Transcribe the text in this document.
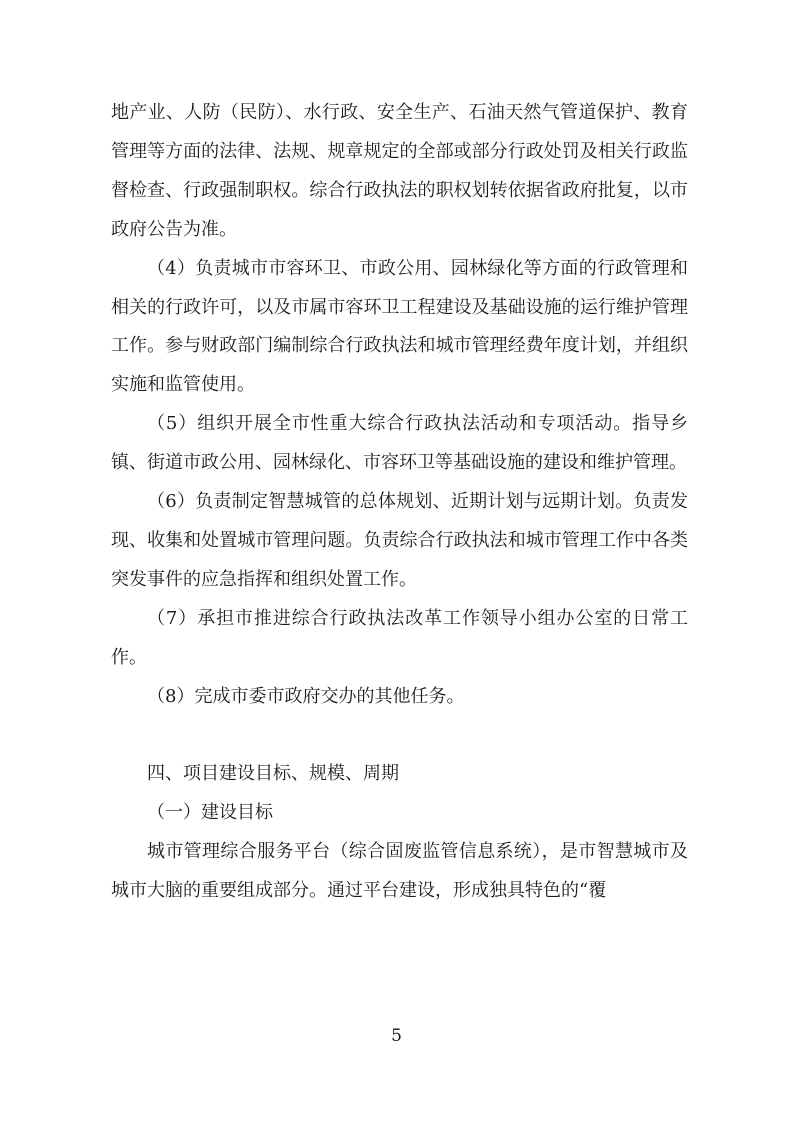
地产业、人防（民防）、水行政、安全生产、石油天然气管道保护、教育管理等方面的法律、法规、规章规定的全部或部分行政处罚及相关行政监督检查、行政强制职权。综合行政执法的职权划转依据省政府批复，以市政府公告为准。

（4）负责城市市容环卫、市政公用、园林绿化等方面的行政管理和相关的行政许可，以及市属市容环卫工程建设及基础设施的运行维护管理工作。参与财政部门编制综合行政执法和城市管理经费年度计划，并组织实施和监管使用。

（5）组织开展全市性重大综合行政执法活动和专项活动。指导乡镇、街道市政公用、园林绿化、市容环卫等基础设施的建设和维护管理。

（6）负责制定智慧城管的总体规划、近期计划与远期计划。负责发现、收集和处置城市管理问题。负责综合行政执法和城市管理工作中各类突发事件的应急指挥和组织处置工作。

（7）承担市推进综合行政执法改革工作领导小组办公室的日常工作。

（8）完成市委市政府交办的其他任务。

四、项目建设目标、规模、周期

（一）建设目标

城市管理综合服务平台（综合固废监管信息系统），是市智慧城市及城市大脑的重要组成部分。通过平台建设，形成独具特色的“覆

5
